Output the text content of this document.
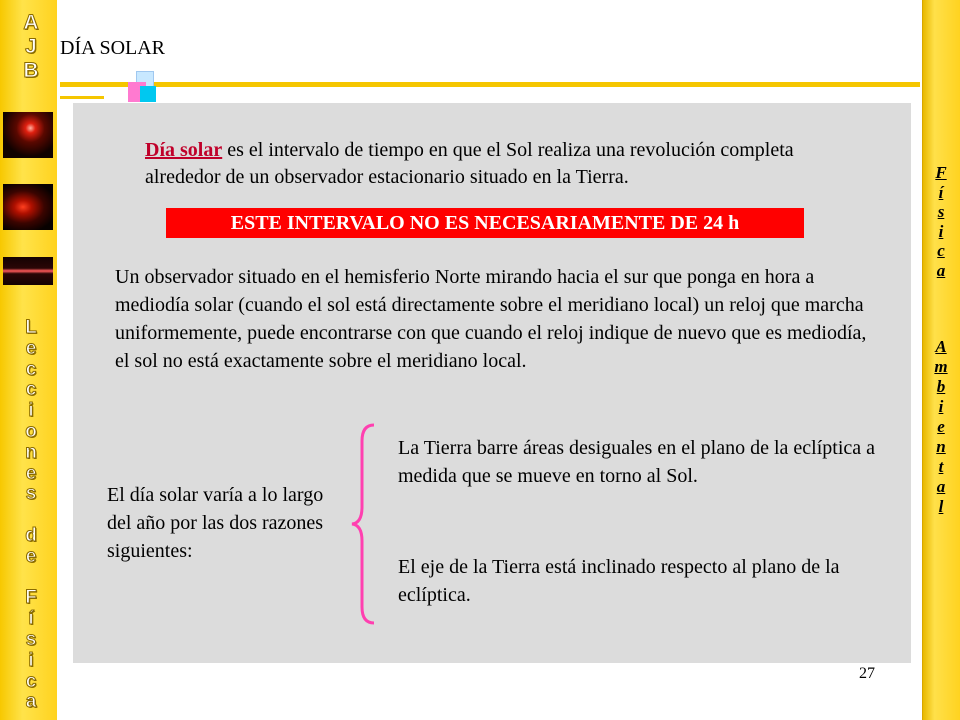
A
J
B
L
e
c
c
i
o
n
e
s

d
e

F
í
s
i
c
a
F
í
s
i
c
a
A
m
b
i
e
n
t
a
l
DÍA SOLAR
Día solar es el intervalo de tiempo en que el Sol realiza una revolución completa alrededor de un observador estacionario situado en la Tierra.
ESTE INTERVALO NO ES NECESARIAMENTE DE 24 h
Un observador situado en el hemisferio Norte mirando hacia el sur que ponga en hora a mediodía solar (cuando el sol está directamente sobre el meridiano local) un reloj que marcha uniformemente, puede encontrarse con que cuando el reloj indique de nuevo que es mediodía, el sol no está exactamente sobre el meridiano local.
El día solar varía a lo largo del año por las dos razones siguientes:
La Tierra barre áreas desiguales en el plano de la eclíptica a medida que se mueve en torno al Sol.
El eje de la Tierra está inclinado respecto al plano de la eclíptica.
27
